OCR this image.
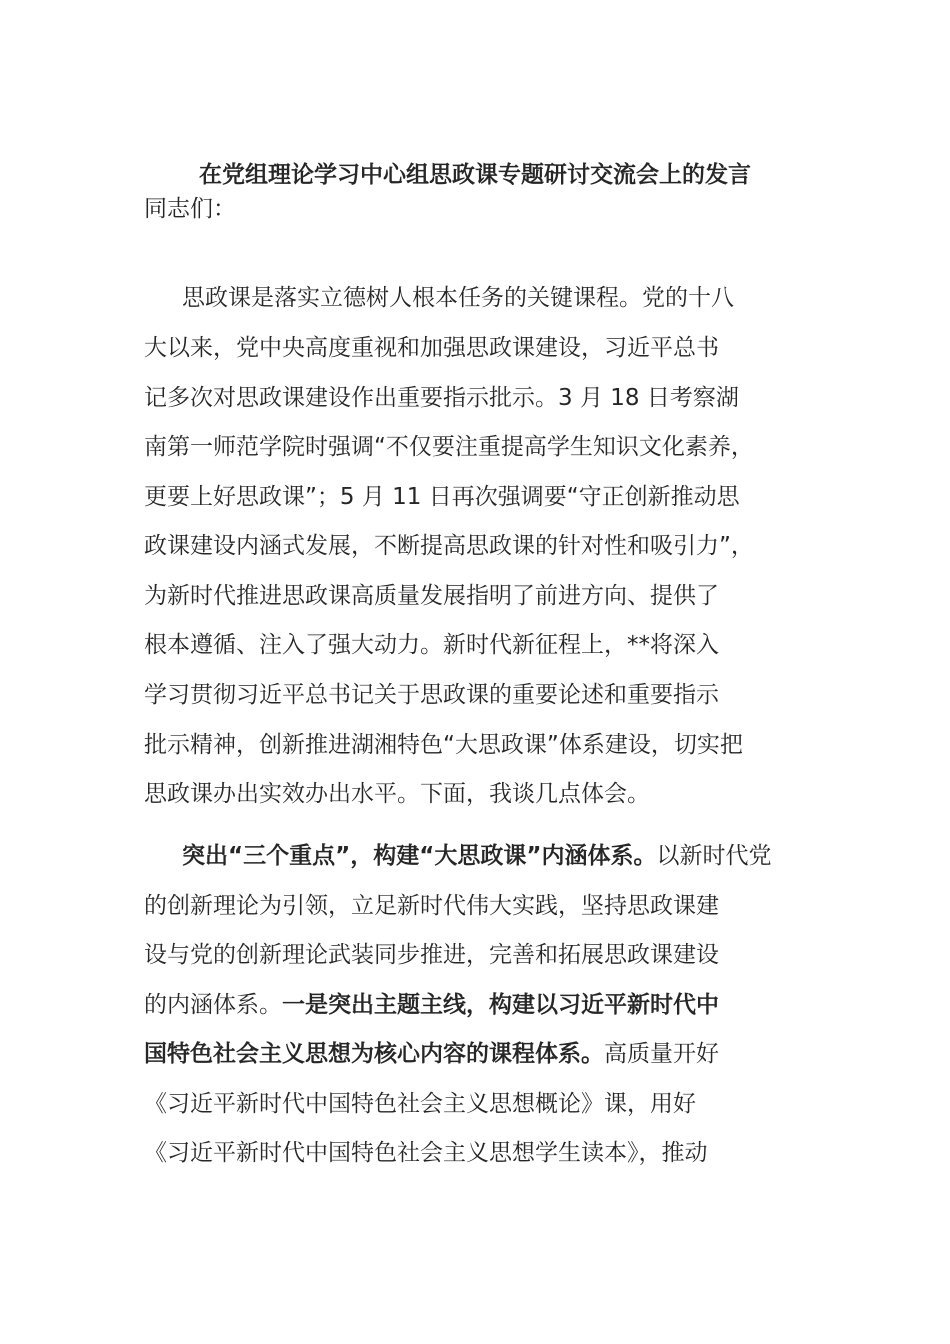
在党组理论学习中心组思政课专题研讨交流会上的发言

同志们：

思政课是落实立德树人根本任务的关键课程。党的十八

大以来，党中央高度重视和加强思政课建设，习近平总书

记多次对思政课建设作出重要指示批示。3 月 18 日考察湖

南第一师范学院时强调“不仅要注重提高学生知识文化素养，

更要上好思政课”；5 月 11 日再次强调要“守正创新推动思

政课建设内涵式发展，不断提高思政课的针对性和吸引力”，

为新时代推进思政课高质量发展指明了前进方向、提供了

根本遵循、注入了强大动力。新时代新征程上，**将深入

学习贯彻习近平总书记关于思政课的重要论述和重要指示

批示精神，创新推进湖湘特色“大思政课”体系建设，切实把

思政课办出实效办出水平。下面，我谈几点体会。

突出“三个重点”，构建“大思政课”内涵体系。以新时代党

的创新理论为引领，立足新时代伟大实践，坚持思政课建

设与党的创新理论武装同步推进，完善和拓展思政课建设

的内涵体系。一是突出主题主线，构建以习近平新时代中

国特色社会主义思想为核心内容的课程体系。高质量开好

《习近平新时代中国特色社会主义思想概论》课，用好

《习近平新时代中国特色社会主义思想学生读本》，推动
